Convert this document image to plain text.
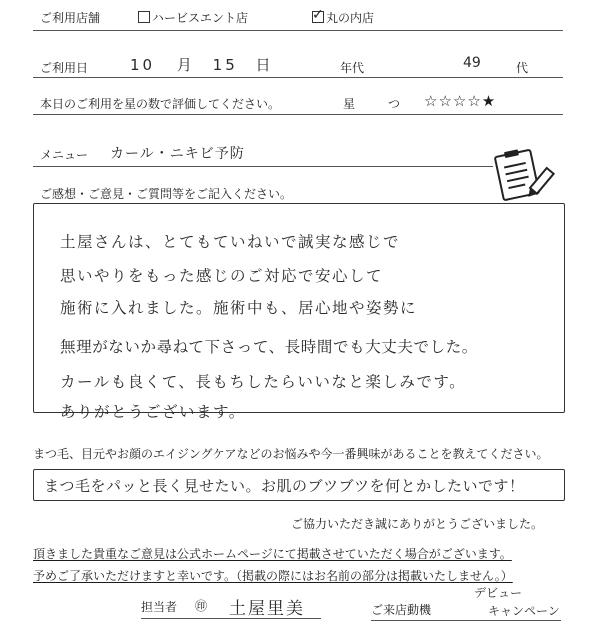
ご利用店舗	ハービスエント店
✓	丸の内店
ご利用日	10 月 15 日	年代	49	代
本日のご利用を星の数で評価してください。	星	つ ☆☆☆☆★
メニュー カール・ニキビ予防
ご感想・ご意見・ご質問等をご記入ください。
土屋さんは、とてもていねいで誠実な感じで
思いやりをもった感じのご対応で安心して
施術に入れました。施術中も、居心地や姿勢に
無理がないか尋ねて下さって、長時間でも大丈夫でした。
カールも良くて、長もちしたらいいなと楽しみです。
ありがとうございます。
まつ毛、目元やお顔のエイジングケアなどのお悩みや今一番興味があることを教えてください。
まつ毛をパッと長く見せたい。お肌のブツブツを何とかしたいです！
ご協力いただき誠にありがとうございました。
頂きました貴重なご意見は公式ホームページにて掲載させていただく場合がございます。
予めご了承いただけますと幸いです。（掲載の際にはお名前の部分は掲載いたしません。）
担当者 ㊞ 土屋里美	ご来店動機
デビュー
キャンペーン
